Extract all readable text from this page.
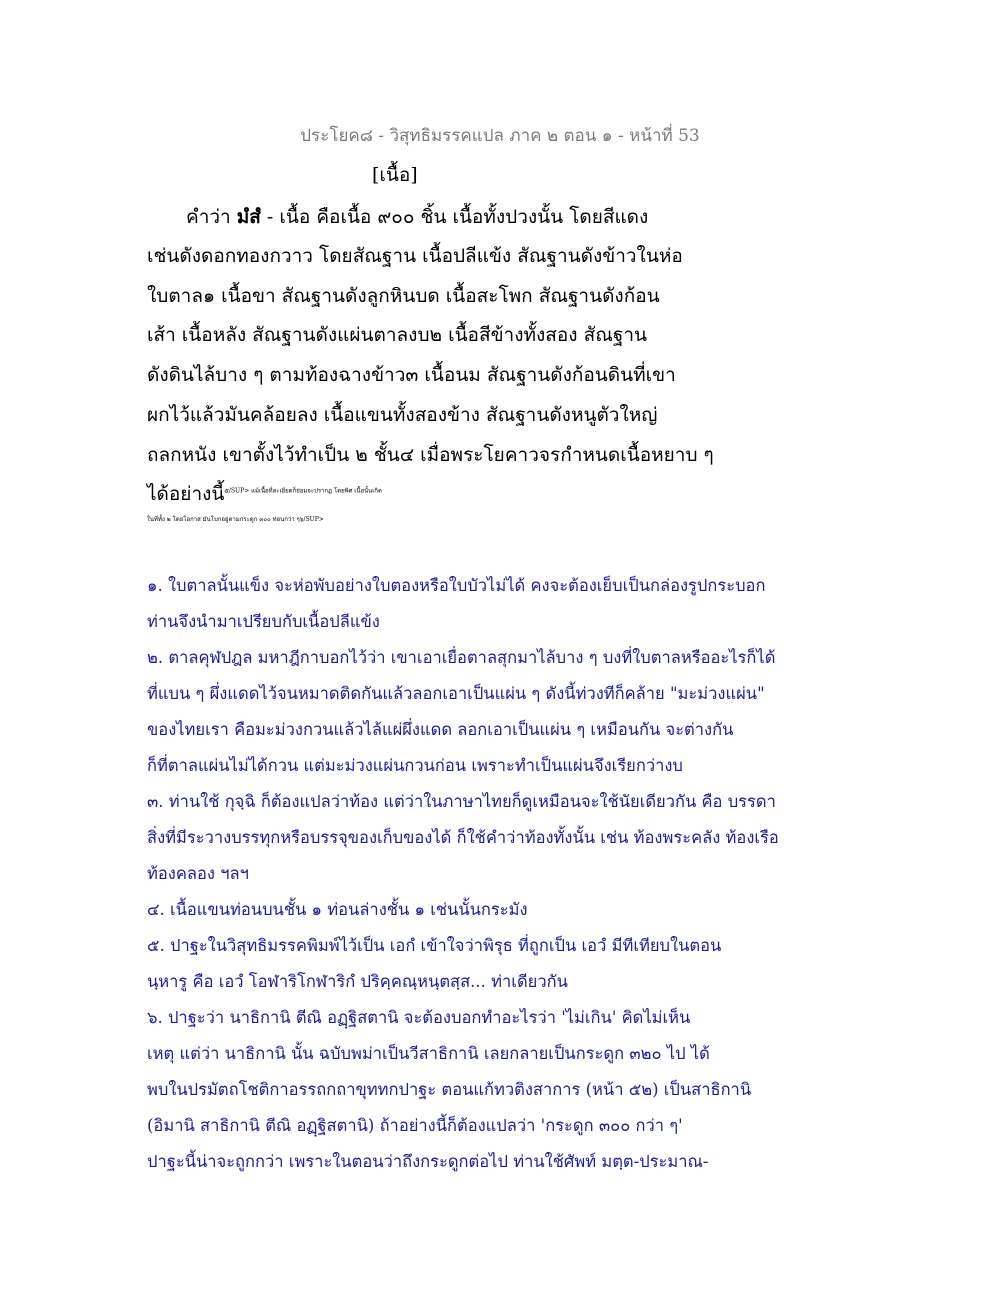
ประโยค๘ - วิสุทธิมรรคแปล ภาค ๒ ตอน ๑ - หน้าที่ 53
[เนื้อ]
คำว่า มํสํ - เนื้อ คือเนื้อ ๙๐๐ ชิ้น เนื้อทั้งปวงนั้น โดยสีแดง
เช่นดังดอกทองกวาว โดยสัณฐาน เนื้อปลีแข้ง สัณฐานดังข้าวในห่อ
ใบตาล๑ เนื้อขา สัณฐานดังลูกหินบด เนื้อสะโพก สัณฐานดังก้อน
เส้า เนื้อหลัง สัณฐานดังแผ่นตาลงบ๒ เนื้อสีข้างทั้งสอง สัณฐาน
ดังดินไล้บาง ๆ ตามท้องฉางข้าว๓ เนื้อนม สัณฐานดังก้อนดินที่เขา
ผกไว้แล้วมันคล้อยลง เนื้อแขนทั้งสองข้าง สัณฐานดังหนูตัวใหญ่
ถลกหนัง เขาตั้งไว้ทำเป็น ๒ ชั้น๔ เมื่อพระโยคาวจรกำหนดเนื้อหยาบ ๆ
ได้อย่างนี้$^{๕/SUP> แม้เนื้อที่ละเอียดก็ย่อมจะปรากฏ โดยพิศ เนื้อนั้นเกิด}$
ในที่ทั้ง ๒ โดยโอกาส มันโบกอยู่ตามกระดูก ๓๐๐ ท่อนกว่า ๆ๖/SUP>
๑. ใบตาลนั้นแข็ง จะห่อพับอย่างใบตองหรือใบบัวไม่ได้ คงจะต้องเย็บเป็นกล่องรูปกระบอก
ท่านจึงนำมาเปรียบกับเนื้อปลีแข้ง
๒. ตาลคุฬปฎล มหาฎีกาบอกไว้ว่า เขาเอาเยื่อตาลสุกมาไล้บาง ๆ บงที่ใบตาลหรืออะไรก็ได้
ที่แบน ๆ ผึ่งแดดไว้จนหมาดติดกันแล้วลอกเอาเป็นแผ่น ๆ ดังนี้ท่วงทีก็คล้าย "มะม่วงแผ่น"
ของไทยเรา คือมะม่วงกวนแล้วไล้แผ่ผึ่งแดด ลอกเอาเป็นแผ่น ๆ เหมือนกัน จะต่างกัน
ก็ที่ตาลแผ่นไม่ได้กวน แต่มะม่วงแผ่นกวนก่อน เพราะทำเป็นแผ่นจึงเรียกว่างบ
๓. ท่านใช้ กุจฺฉิ ก็ต้องแปลว่าท้อง แต่ว่าในภาษาไทยก็ดูเหมือนจะใช้นัยเดียวกัน คือ บรรดา
สิ่งที่มีระวางบรรทุกหรือบรรจุของเก็บของได้ ก็ใช้คำว่าท้องทั้งนั้น เช่น ท้องพระคลัง ท้องเรือ
ท้องคลอง ฯลฯ
๔. เนื้อแขนท่อนบนชั้น ๑ ท่อนล่างชั้น ๑ เช่นนั้นกระมัง
๕. ปาฐะในวิสุทธิมรรคพิมพ์ไว้เป็น เอกํ เข้าใจว่าพิรุธ ที่ถูกเป็น เอวํ มีทีเทียบในตอน
นฺหารู คือ เอวํ โอฬาริโกฬาริกํ ปริคฺคณฺหนฺตสฺส... ท่าเดียวกัน
๖. ปาฐะว่า นาธิกานิ ตีณิ อฏฺฐิสตานิ จะต้องบอกทำอะไรว่า 'ไม่เกิน' คิดไม่เห็น
เหตุ แต่ว่า นาธิกานิ นั้น ฉบับพม่าเป็นวีสาธิกานิ เลยกลายเป็นกระดูก ๓๒๐ ไป ได้
พบในปรมัตถโชติกาอรรถกถาขุททกปาฐะ ตอนแก้ทวติงสาการ (หน้า ๕๒) เป็นสาธิกานิ
(อิมานิ สาธิกานิ ตีณิ อฏฺฐิสตานิ) ถ้าอย่างนี้ก็ต้องแปลว่า 'กระดูก ๓๐๐ กว่า ๆ'
ปาฐะนี้น่าจะถูกกว่า เพราะในตอนว่าถึงกระดูกต่อไป ท่านใช้ศัพท์ มตฺต-ประมาณ-
